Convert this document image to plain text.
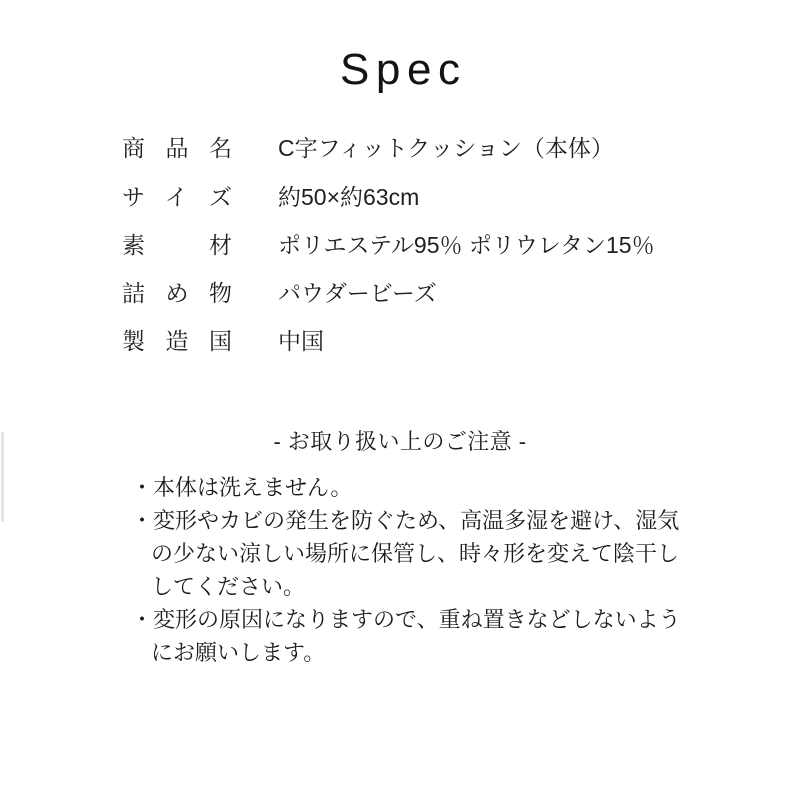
Spec
商品名 C字フィットクッション（本体）
サイズ 約50×約63cm
素材 ポリエステル95％ ポリウレタン15％
詰め物 パウダービーズ
製造国 中国
- お取り扱い上のご注意 -
・本体は洗えません。
・変形やカビの発生を防ぐため、高温多湿を避け、湿気の少ない涼しい場所に保管し、時々形を変えて陰干ししてください。
・変形の原因になりますので、重ね置きなどしないようにお願いします。
